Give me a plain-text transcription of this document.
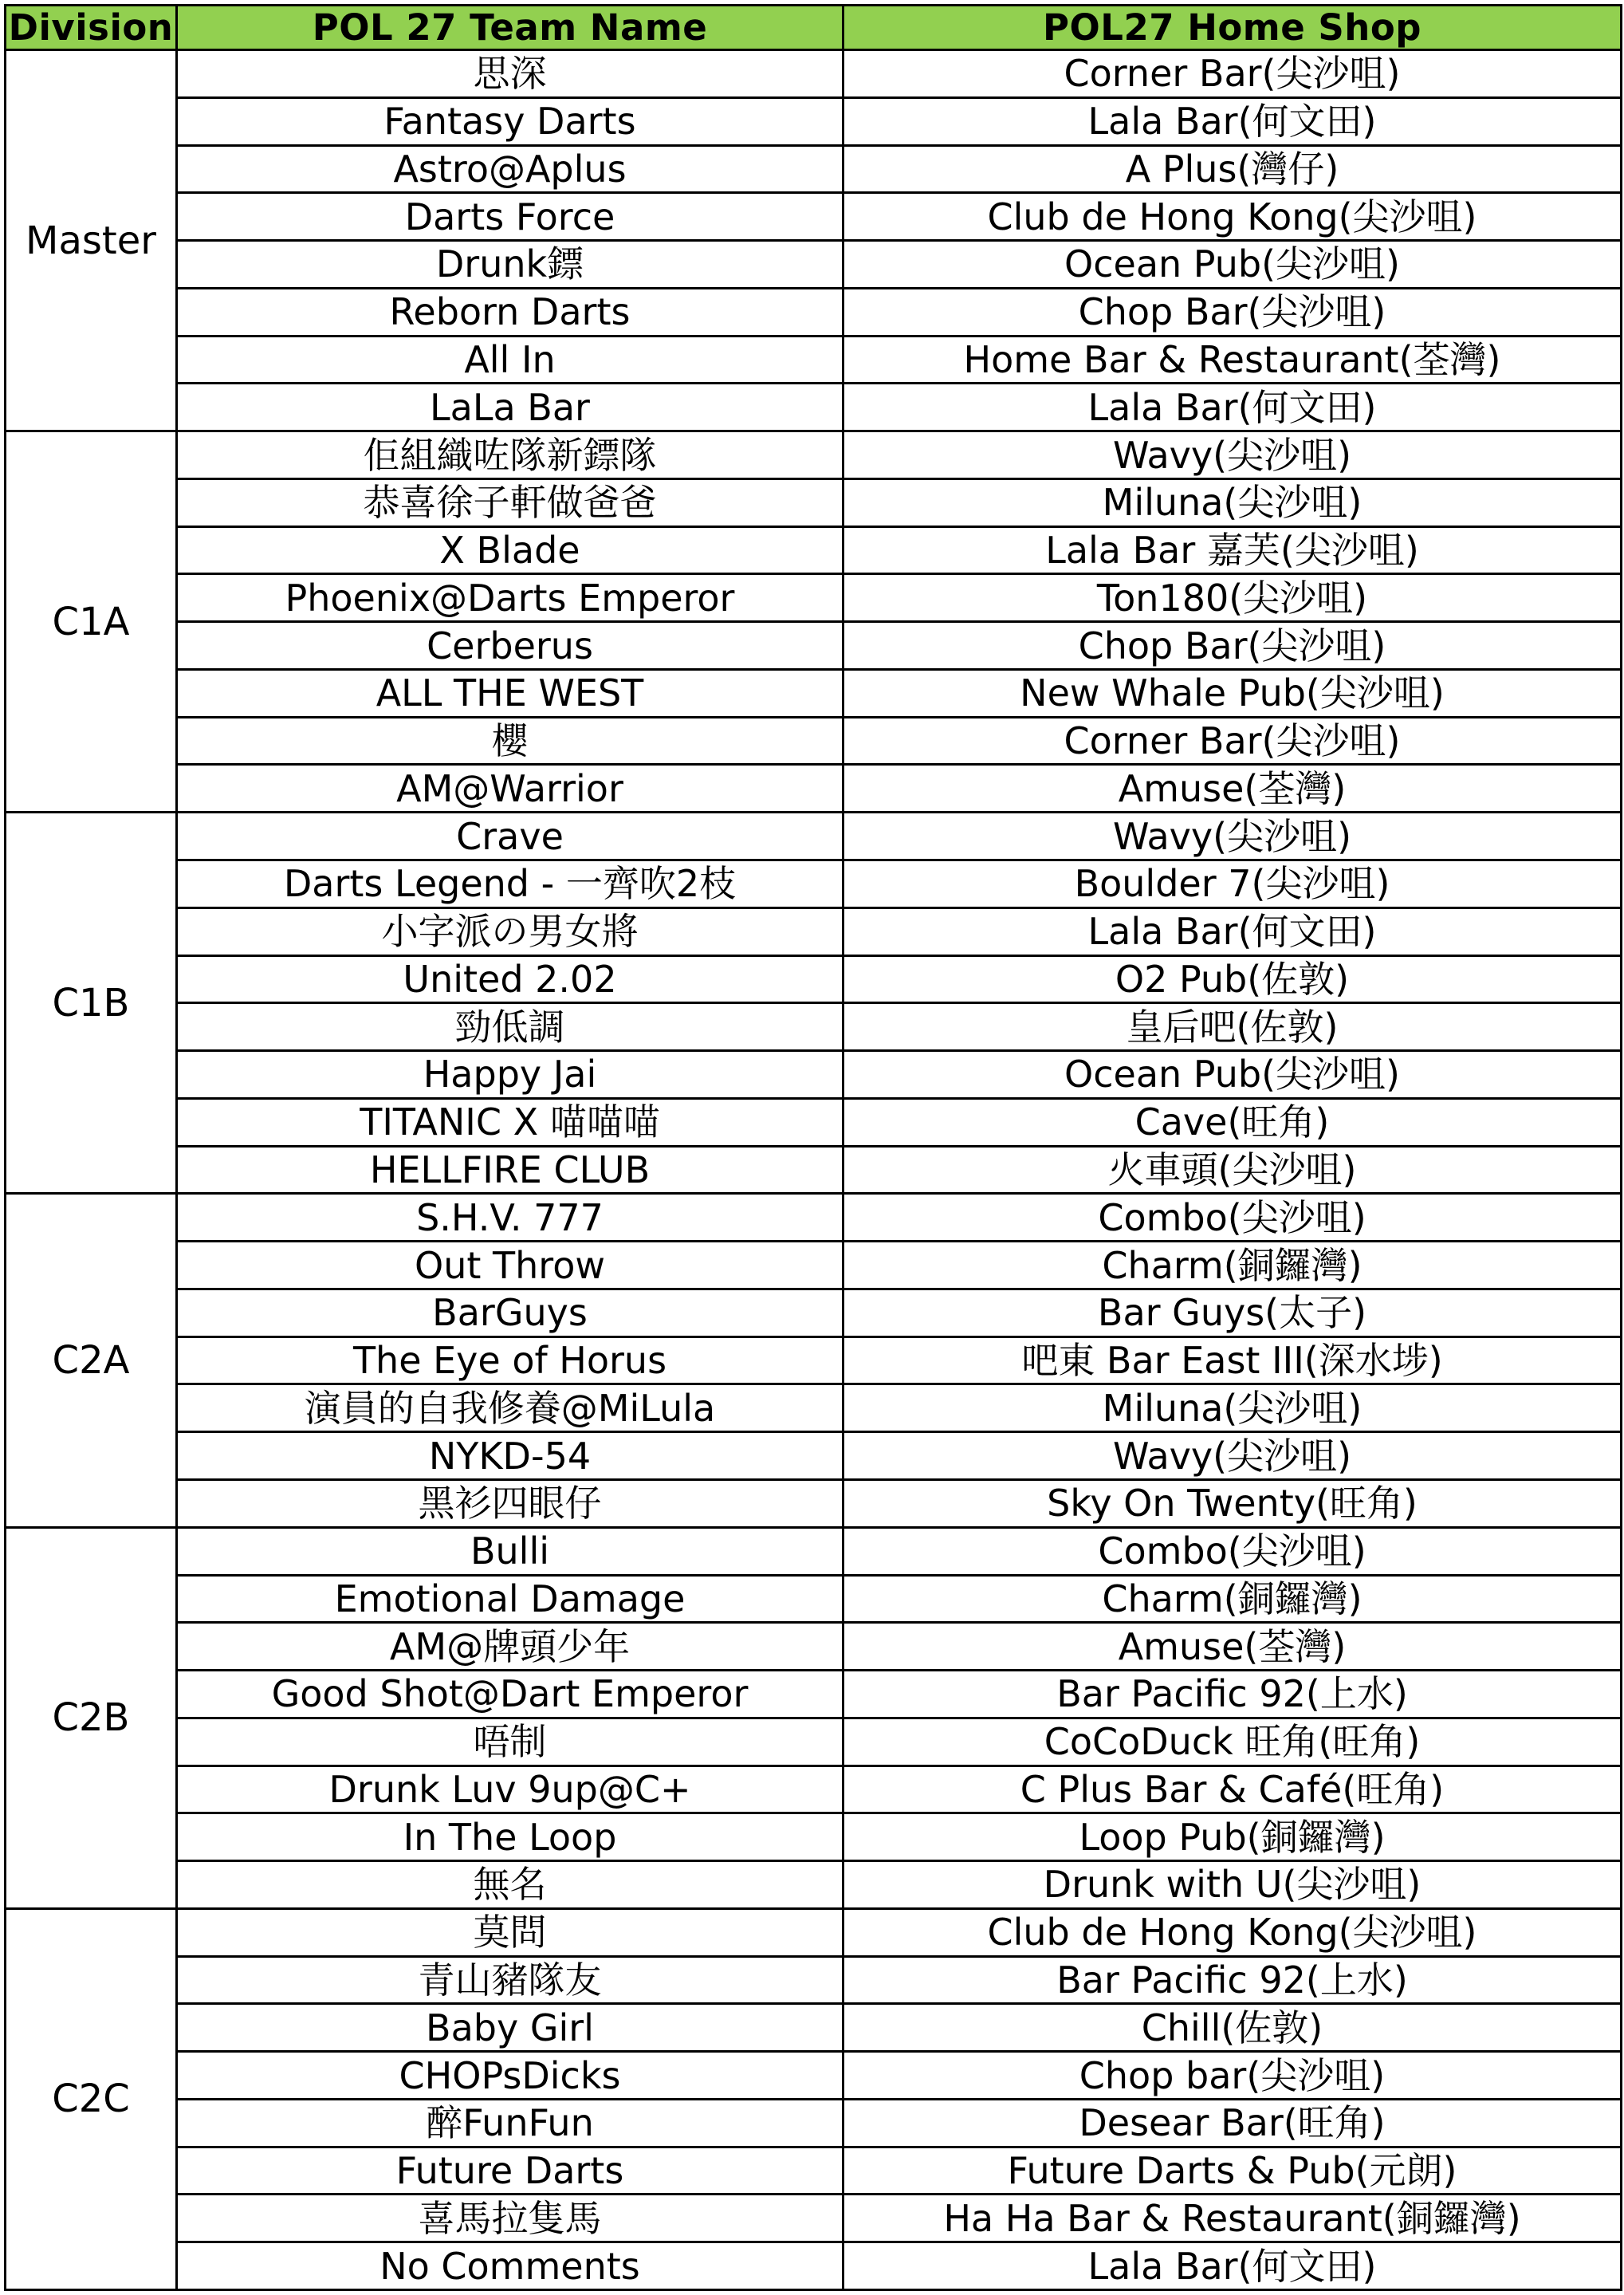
Division	POL 27 Team Name	POL27 Home Shop
Master	思深	Corner Bar(尖沙咀)
	Fantasy Darts	Lala Bar(何文田)
	Astro@Aplus	A Plus(灣仔)
	Darts Force	Club de Hong Kong(尖沙咀)
	Drunk鏢	Ocean Pub(尖沙咀)
	Reborn Darts	Chop Bar(尖沙咀)
	All In	Home Bar & Restaurant(荃灣)
	LaLa Bar	Lala Bar(何文田)
C1A	佢組織咗隊新鏢隊	Wavy(尖沙咀)
	恭喜徐子軒做爸爸	Miluna(尖沙咀)
	X Blade	Lala Bar 嘉芙(尖沙咀)
	Phoenix@Darts Emperor	Ton180(尖沙咀)
	Cerberus	Chop Bar(尖沙咀)
	ALL THE WEST	New Whale Pub(尖沙咀)
	櫻	Corner Bar(尖沙咀)
	AM@Warrior	Amuse(荃灣)
C1B	Crave	Wavy(尖沙咀)
	Darts Legend - 一齊吹2枝	Boulder 7(尖沙咀)
	小字派の男女將	Lala Bar(何文田)
	United 2.02	O2 Pub(佐敦)
	勁低調	皇后吧(佐敦)
	Happy Jai	Ocean Pub(尖沙咀)
	TITANIC X 喵喵喵	Cave(旺角)
	HELLFIRE CLUB	火車頭(尖沙咀)
C2A	S.H.V. 777	Combo(尖沙咀)
	Out Throw	Charm(銅鑼灣)
	BarGuys	Bar Guys(太子)
	The Eye of Horus	吧東 Bar East III(深水埗)
	演員的自我修養@MiLula	Miluna(尖沙咀)
	NYKD-54	Wavy(尖沙咀)
	黑衫四眼仔	Sky On Twenty(旺角)
C2B	Bulli	Combo(尖沙咀)
	Emotional Damage	Charm(銅鑼灣)
	AM@牌頭少年	Amuse(荃灣)
	Good Shot@Dart Emperor	Bar Pacific 92(上水)
	唔制	CoCoDuck 旺角(旺角)
	Drunk Luv 9up@C+	C Plus Bar & Café(旺角)
	In The Loop	Loop Pub(銅鑼灣)
	無名	Drunk with U(尖沙咀)
C2C	莫問	Club de Hong Kong(尖沙咀)
	青山豬隊友	Bar Pacific 92(上水)
	Baby Girl	Chill(佐敦)
	CHOPsDicks	Chop bar(尖沙咀)
	醉FunFun	Desear Bar(旺角)
	Future Darts	Future Darts & Pub(元朗)
	喜馬拉隻馬	Ha Ha Bar & Restaurant(銅鑼灣)
	No Comments	Lala Bar(何文田)
